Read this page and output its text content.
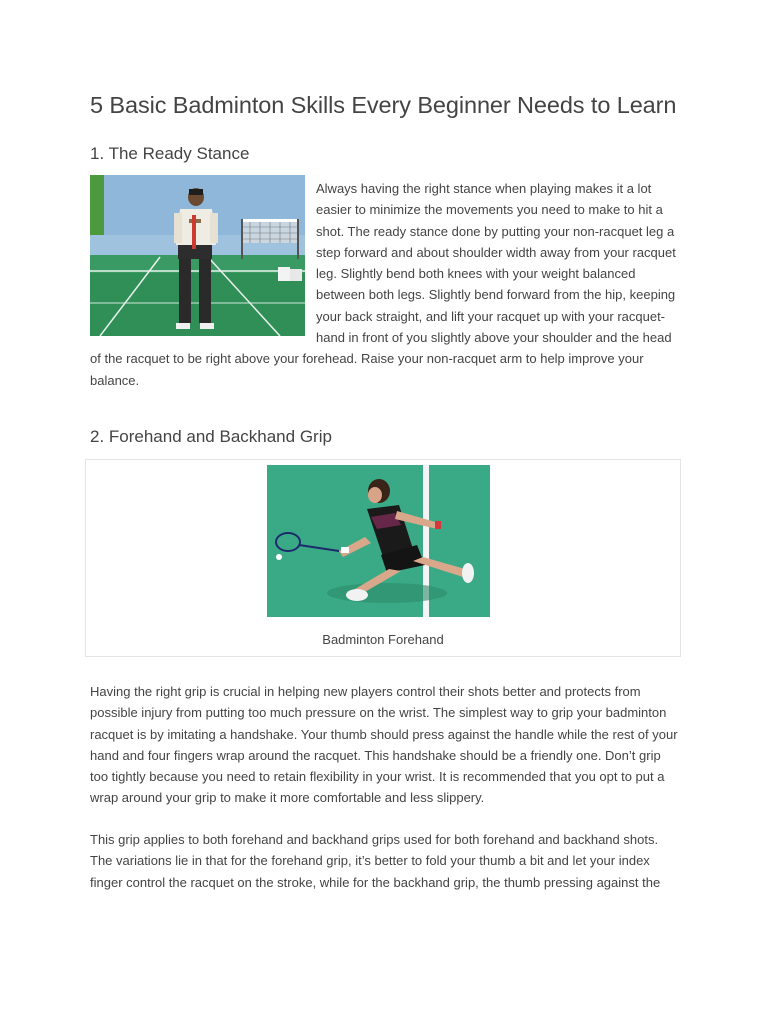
5 Basic Badminton Skills Every Beginner Needs to Learn
1. The Ready Stance

Always having the right stance when playing makes it a lot easier to minimize the movements you need to make to hit a shot. The ready stance done by putting your non-racquet leg a step forward and about shoulder width away from your racquet leg. Slightly bend both knees with your weight balanced between both legs. Slightly bend forward from the hip, keeping your back straight, and lift your racquet up with your racquet-hand in front of you slightly above your shoulder and the head of the racquet to be right above your forehead. Raise your non-racquet arm to help improve your balance.

2. Forehand and Backhand Grip
Badminton Forehand

Having the right grip is crucial in helping new players control their shots better and protects from possible injury from putting too much pressure on the wrist. The simplest way to grip your badminton racquet is by imitating a handshake. Your thumb should press against the handle while the rest of your hand and four fingers wrap around the racquet. This handshake should be a friendly one. Don’t grip too tightly because you need to retain flexibility in your wrist. It is recommended that you opt to put a wrap around your grip to make it more comfortable and less slippery.

This grip applies to both forehand and backhand grips used for both forehand and backhand shots. The variations lie in that for the forehand grip, it’s better to fold your thumb a bit and let your index finger control the racquet on the stroke, while for the backhand grip, the thumb pressing against the
